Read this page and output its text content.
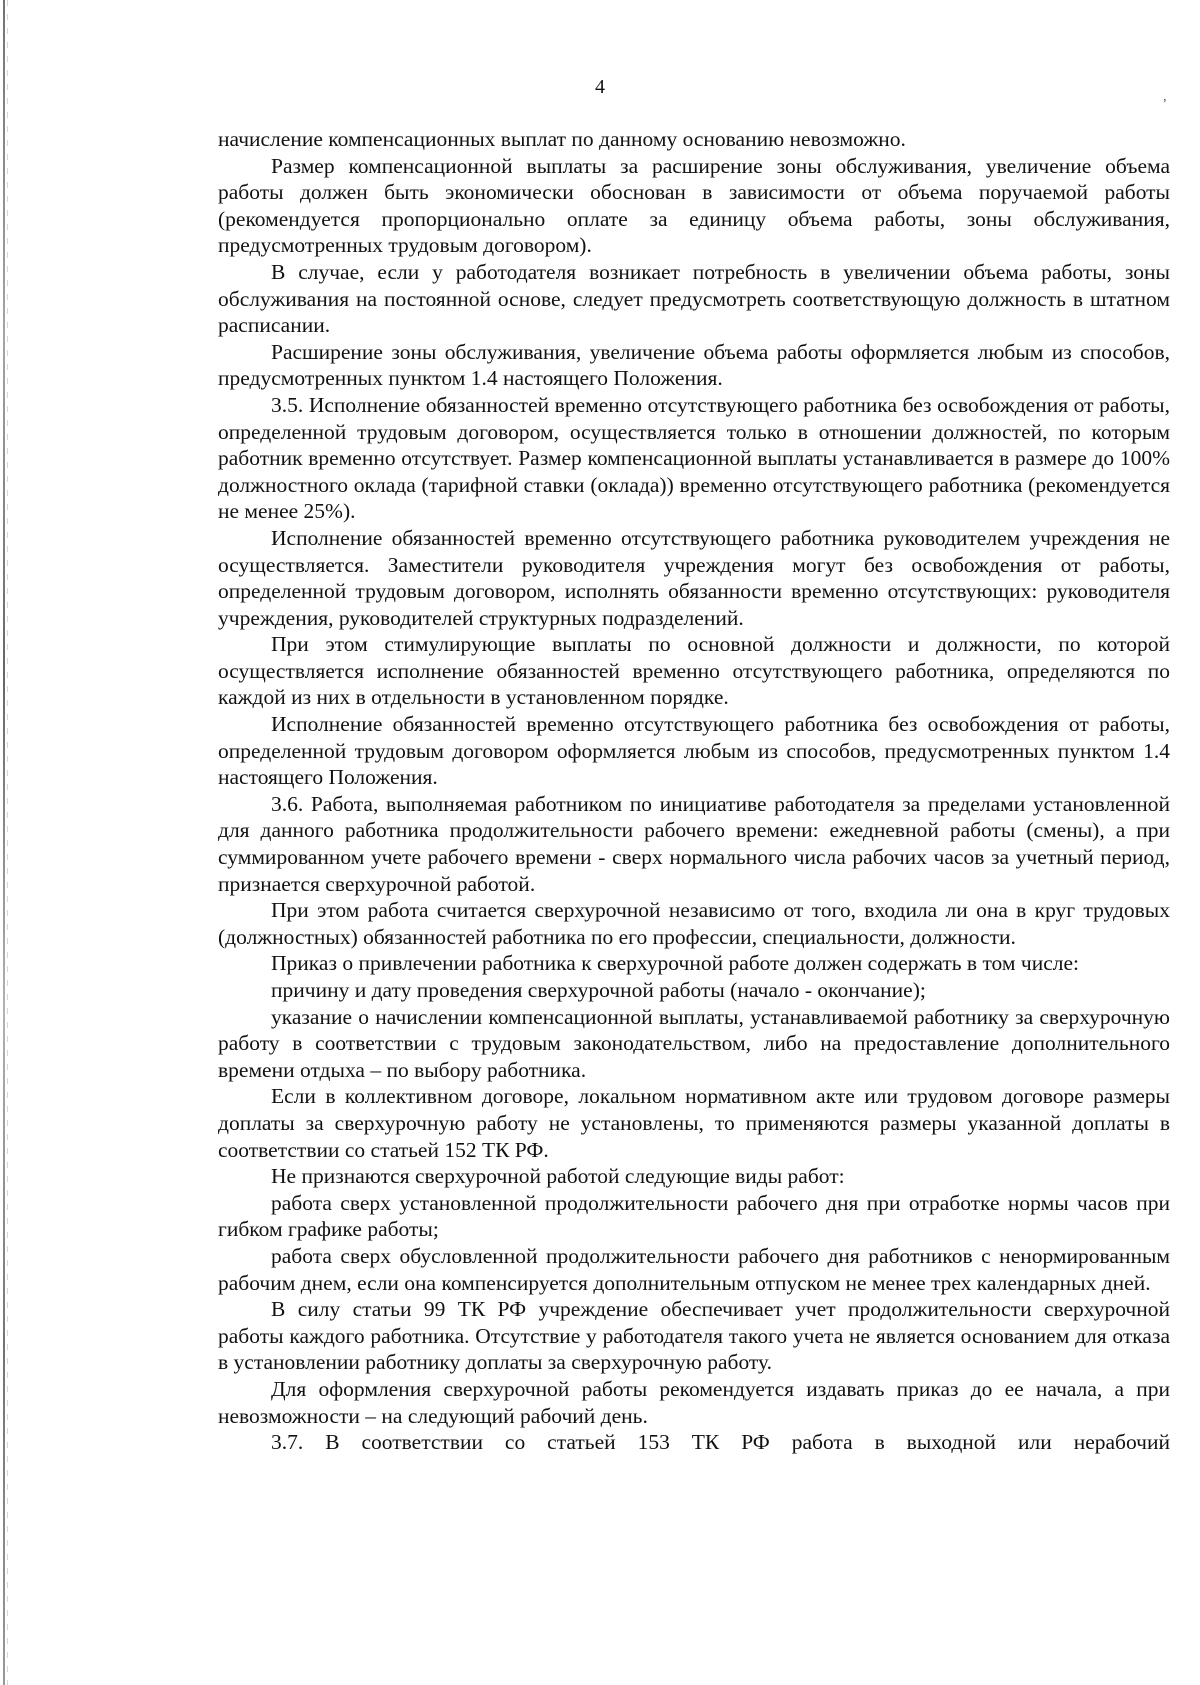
ʼ
4

начисление компенсационных выплат по данному основанию невозможно.

Размер компенсационной выплаты за расширение зоны обслуживания, увеличение объема работы должен быть экономически обоснован в зависимости от объема поручаемой работы (рекомендуется пропорционально оплате за единицу объема работы, зоны обслуживания, предусмотренных трудовым договором).

В случае, если у работодателя возникает потребность в увеличении объема работы, зоны обслуживания на постоянной основе, следует предусмотреть соответствующую должность в штатном расписании.

Расширение зоны обслуживания, увеличение объема работы оформляется любым из способов, предусмотренных пунктом 1.4 настоящего Положения.

3.5. Исполнение обязанностей временно отсутствующего работника без освобождения от работы, определенной трудовым договором, осуществляется только в отношении должностей, по которым работник временно отсутствует. Размер компенсационной выплаты устанавливается в размере до 100% должностного оклада (тарифной ставки (оклада)) временно отсутствующего работника (рекомендуется не менее 25%).

Исполнение обязанностей временно отсутствующего работника руководителем учреждения не осуществляется. Заместители руководителя учреждения могут без освобождения от работы, определенной трудовым договором, исполнять обязанности временно отсутствующих: руководителя учреждения, руководителей структурных подразделений.

При этом стимулирующие выплаты по основной должности и должности, по которой осуществляется исполнение обязанностей временно отсутствующего работника, определяются по каждой из них в отдельности в установленном порядке.

Исполнение обязанностей временно отсутствующего работника без освобождения от работы, определенной трудовым договором оформляется любым из способов, предусмотренных пунктом 1.4 настоящего Положения.

3.6. Работа, выполняемая работником по инициативе работодателя за пределами установленной для данного работника продолжительности рабочего времени: ежедневной работы (смены), а при суммированном учете рабочего времени - сверх нормального числа рабочих часов за учетный период, признается сверхурочной работой.

При этом работа считается сверхурочной независимо от того, входила ли она в круг трудовых (должностных) обязанностей работника по его профессии, специальности, должности.

Приказ о привлечении работника к сверхурочной работе должен содержать в том числе:

причину и дату проведения сверхурочной работы (начало - окончание);

указание о начислении компенсационной выплаты, устанавливаемой работнику за сверхурочную работу в соответствии с трудовым законодательством, либо на предоставление дополнительного времени отдыха – по выбору работника.

Если в коллективном договоре, локальном нормативном акте или трудовом договоре размеры доплаты за сверхурочную работу не установлены, то применяются размеры указанной доплаты в соответствии со статьей 152 ТК РФ.

Не признаются сверхурочной работой следующие виды работ:

работа сверх установленной продолжительности рабочего дня при отработке нормы часов при гибком графике работы;

работа сверх обусловленной продолжительности рабочего дня работников с ненормированным рабочим днем, если она компенсируется дополнительным отпуском не менее трех календарных дней.

В силу статьи 99 ТК РФ учреждение обеспечивает учет продолжительности сверхурочной работы каждого работника. Отсутствие у работодателя такого учета не является основанием для отказа в установлении работнику доплаты за сверхурочную работу.

Для оформления сверхурочной работы рекомендуется издавать приказ до ее начала, а при невозможности – на следующий рабочий день.

3.7. В соответствии со статьей 153 ТК РФ работа в выходной или нерабочий
